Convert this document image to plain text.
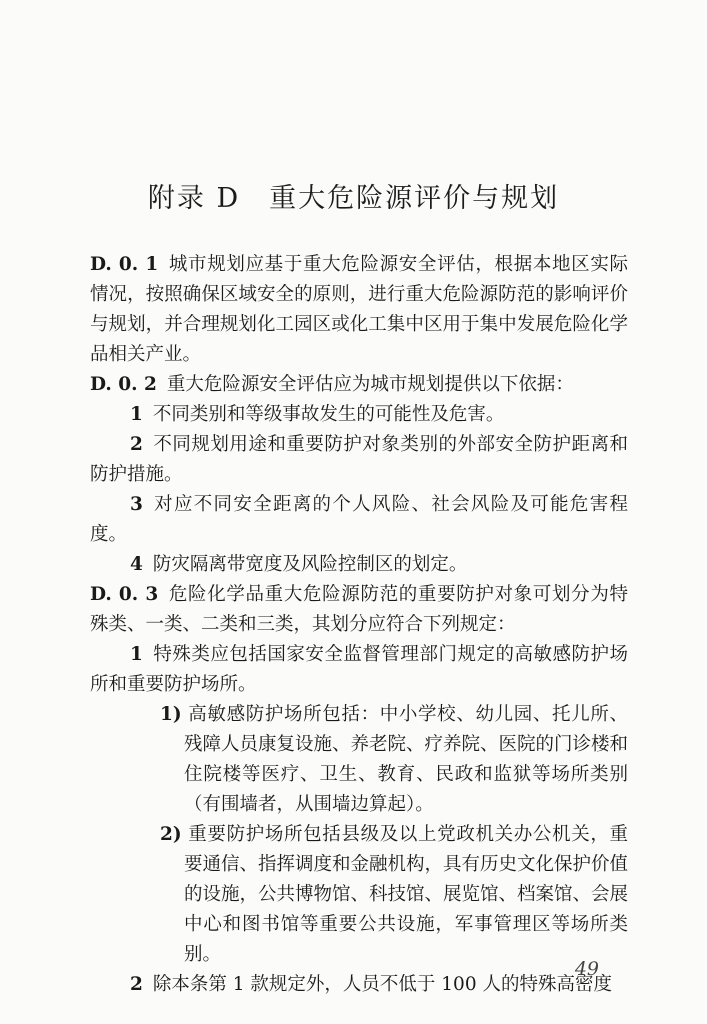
附录 D　重大危险源评价与规划

D. 0. 1 城市规划应基于重大危险源安全评估，根据本地区实际情况，按照确保区域安全的原则，进行重大危险源防范的影响评价与规划，并合理规划化工园区或化工集中区用于集中发展危险化学品相关产业。

D. 0. 2 重大危险源安全评估应为城市规划提供以下依据：

1 不同类别和等级事故发生的可能性及危害。

2 不同规划用途和重要防护对象类别的外部安全防护距离和防护措施。

3 对应不同安全距离的个人风险、社会风险及可能危害程度。

4 防灾隔离带宽度及风险控制区的划定。

D. 0. 3 危险化学品重大危险源防范的重要防护对象可划分为特殊类、一类、二类和三类，其划分应符合下列规定：

1 特殊类应包括国家安全监督管理部门规定的高敏感防护场所和重要防护场所。

1) 高敏感防护场所包括：中小学校、幼儿园、托儿所、残障人员康复设施、养老院、疗养院、医院的门诊楼和住院楼等医疗、卫生、教育、民政和监狱等场所类别（有围墙者，从围墙边算起）。

2) 重要防护场所包括县级及以上党政机关办公机关，重要通信、指挥调度和金融机构，具有历史文化保护价值的设施，公共博物馆、科技馆、展览馆、档案馆、会展中心和图书馆等重要公共设施，军事管理区等场所类别。

2 除本条第 1 款规定外，人员不低于 100 人的特殊高密度

49
